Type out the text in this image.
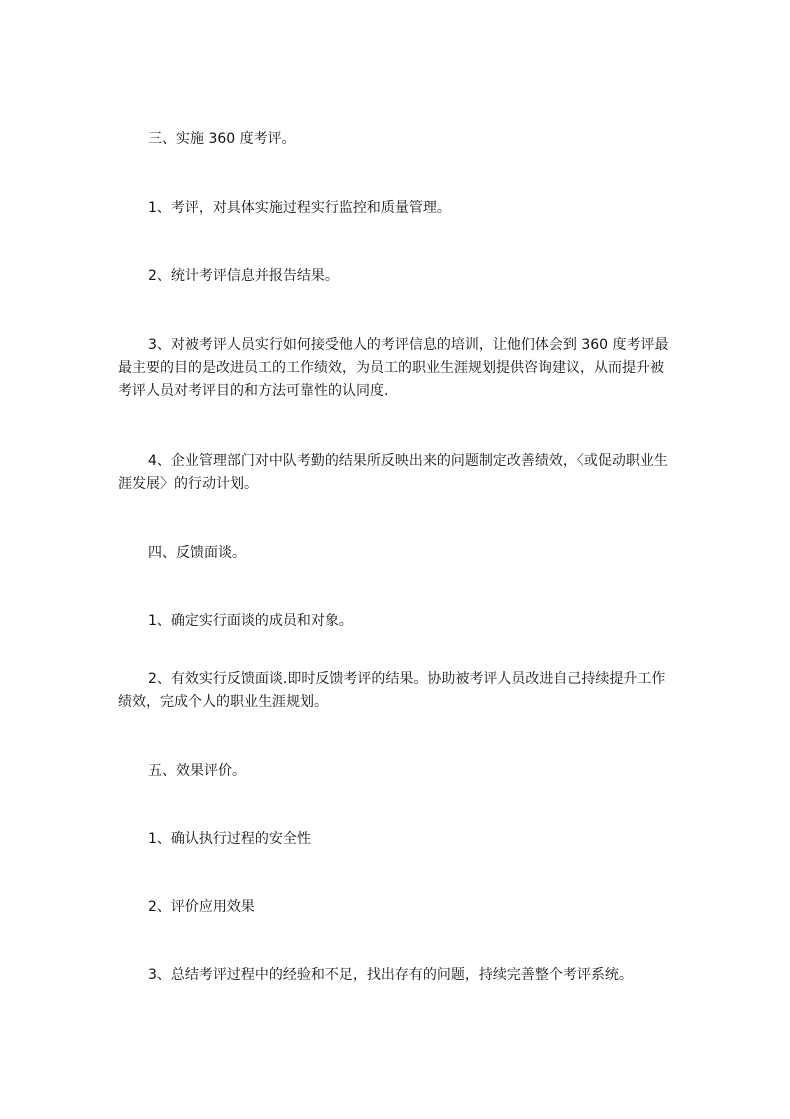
三、实施 360 度考评。
1、考评，对具体实施过程实行监控和质量管理。
2、统计考评信息并报告结果。
3、对被考评人员实行如何接受他人的考评信息的培训，让他们体会到 360 度考评最
最主要的目的是改进员工的工作绩效，为员工的职业生涯规划提供咨询建议，从而提升被
考评人员对考评目的和方法可靠性的认同度.
4、企业管理部门对中队考勤的结果所反映出来的问题制定改善绩效，〈或促动职业生
涯发展〉的行动计划。
四、反馈面谈。
1、确定实行面谈的成员和对象。
2、有效实行反馈面谈.即时反馈考评的结果。协助被考评人员改进自己持续提升工作
绩效，完成个人的职业生涯规划。
五、效果评价。
1、确认执行过程的安全性
2、评价应用效果
3、总结考评过程中的经验和不足，找出存有的问题，持续完善整个考评系统。
